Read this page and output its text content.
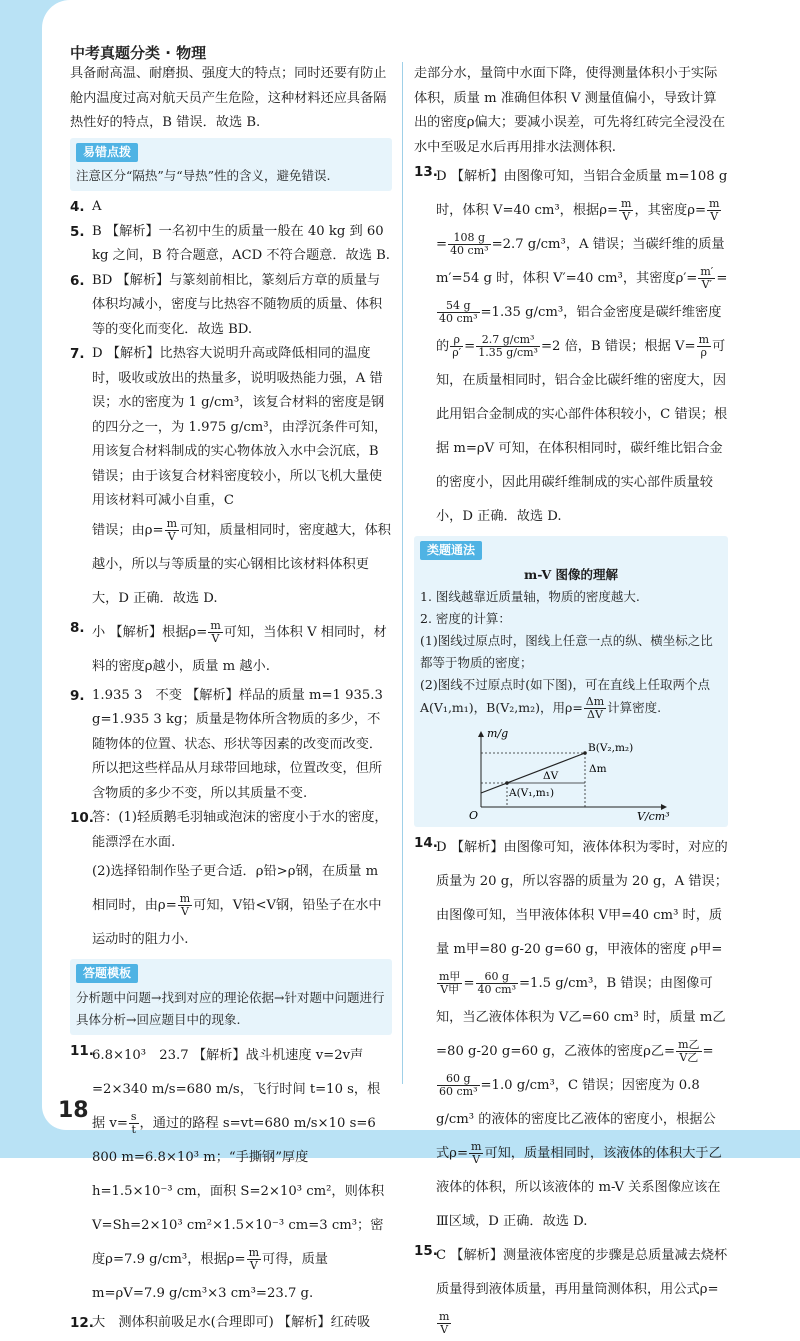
中考真题分类 · 物理

具备耐高温、耐磨损、强度大的特点；同时还要有防止舱内温度过高对航天员产生危险，这种材料还应具备隔热性好的特点，B 错误．故选 B.

易错点拨
注意区分“隔热”与“导热”性的含义，避免错误.
4. A
5. B 【解析】一名初中生的质量一般在 40 kg 到 60 kg 之间，B 符合题意，ACD 不符合题意．故选 B.
6. BD 【解析】与篆刻前相比，篆刻后方章的质量与体积均减小，密度与比热容不随物质的质量、体积等的变化而变化．故选 BD.
7. D 【解析】比热容大说明升高或降低相同的温度时，吸收或放出的热量多，说明吸热能力强，A 错误；水的密度为 1 g/cm³，该复合材料的密度是钢的四分之一，为 1.975 g/cm³，由浮沉条件可知，用该复合材料制成的实心物体放入水中会沉底，B 错误；由于该复合材料密度较小，所以飞机大量使用该材料可减小自重，C
错误；由$\rho= \frac{m}{V}$ 可知，质量相同时，密度越大，体积越小，所以与等质量的实心钢相比该材料体积更大，D 正确．故选 D.
8. 小 【解析】根据$\rho= \frac{m}{V}$ 可知，当体积 V 相同时，材料的密度ρ越小，质量 m 越小.
9. 1.935 3　不变 【解析】样品的质量 m=1 935.3 g=1.935 3 kg；质量是物体所含物质的多少，不随物体的位置、状态、形状等因素的改变而改变．所以把这些样品从月球带回地球，位置改变，但所含物质的多少不变，所以其质量不变.
10.

答：(1)轻质鹅毛羽轴或泡沫的密度小于水的密度，能漂浮在水面.

(2)选择铅制作坠子更合适．ρ铅>ρ钢，在质量 m 相同时，由$\rho= \frac{m}{V}$ 可知，V铅<V钢，铅坠子在水中运动时的阻力小.
答题模板
分析题中问题→找到对应的理论依据→针对题中问题进行具体分析→回应题目中的现象.
11.
6.8×10³　23.7 【解析】战斗机速度 v=2v声=2×340 m/s=680 m/s，飞行时间 t=10 s，根据 $v= \frac{s}{t}$ ，通过的路程 s=vt=680 m/s×10 s=6 800 m=6.8×10³ m；“手撕钢”厚度 h=1.5×10⁻³ cm，面积 S=2×10³ cm²，则体积 V=Sh=2×10³ cm²×1.5×10⁻³ cm=3 cm³；密度ρ=7.9 g/cm³，根据$\rho= \frac{m}{V}$ 可得，质量 m=ρV=7.9 g/cm³×3 cm³=23.7 g.
12.
大　测体积前吸足水(合理即可) 【解析】红砖吸

走部分水，量筒中水面下降，使得测量体积小于实际体积，质量 m 准确但体积 V 测量值偏小，导致计算出的密度ρ偏大；要减小误差，可先将红砖完全浸没在水中至吸足水后再用排水法测体积.

13.
D 【解析】由图像可知，当铝合金质量 m=108 g 时，体积 V=40 cm³，根据$\rho= \frac{m}{V}$ ，其密度$\rho= \frac{m}{V}$
= $\frac{108 g}{\text{40 cm³}} =2.7$ g/cm³，A 错误；当碳纤维的质量 m′=54 g 时，体积 V′=40 cm³，其密度$\rho'= \frac{m'}{V'}$ =
$\frac{54 g}{\text{40 cm³}} =1.35$ g/cm³，铝合金密度是碳纤维密度的 $\frac{\rho}{\rho'} = \frac{\text{2.7 g/cm³}}{\text{1.35 g/cm³}} =2$ 倍，B 错误；根据 $V= \frac{m}{\rho}$ 可知，在质量相同时，铝合金比碳纤维的密度大，因此用铝合金制成的实心部件体积较小，C 错误；根据 m=ρV 可知，在体积相同时，碳纤维比铝合金的密度小，因此用碳纤维制成的实心部件质量较小，D 正确．故选 D.
类题通法
m-V 图像的理解
1. 图线越靠近质量轴，物质的密度越大.
2. 密度的计算：
(1)图线过原点时，图线上任意一点的纵、横坐标之比都等于物质的密度；
(2)图线不过原点时(如下图)，可在直线上任取两个点 A(V₁,m₁)，B(V₂,m₂)，用$\rho= \frac{\Delta m}{\Delta V}$ 计算密度.
m/g
V/cm³
O
A(V₁,m₁)
B(V₂,m₂)
ΔV
Δm
14.
D 【解析】由图像可知，液体体积为零时，对应的质量为 20 g，所以容器的质量为 20 g，A 错误；由图像可知，当甲液体体积 V甲=40 cm³ 时，质量 m甲=80 g-20 g=60 g，甲液体的密度 ρ甲=
$\frac{\text{m甲}}{\text{V甲}} = \frac{60 g}{\text{40 cm³}} =1.5$ g/cm³，B 错误；由图像可知，当乙液体体积为 V乙=60 cm³ 时，质量 m乙=80 g-20 g=60 g，乙液体的密度ρ乙= $\frac{\text{m乙}}{\text{V乙}}$ =
$\frac{60 g}{\text{60 cm³}} =1.0$ g/cm³，C 错误；因密度为 0.8 g/cm³ 的液体的密度比乙液体的密度小，根据公式$\rho= \frac{m}{V}$ 可知，质量相同时，该液体的体积大于乙液体的体积，所以该液体的 m-V 关系图像应该在Ⅲ区域，D 正确．故选 D.
15.
C 【解析】测量液体密度的步骤是总质量减去烧杯质量得到液体质量，再用量筒测体积，用公式ρ=
$\frac{m}{V}$
18
